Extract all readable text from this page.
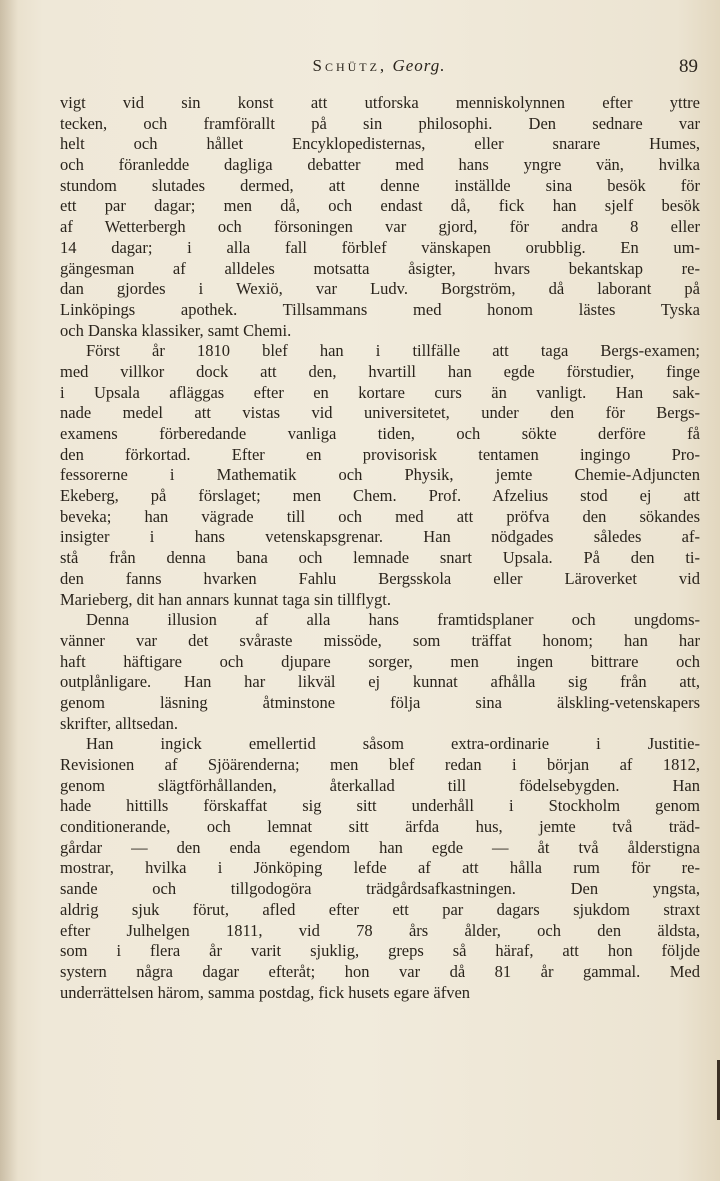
Schütz, Georg.	89
vigt vid sin konst att utforska menniskolynnen efter yttre
tecken, och framförallt på sin philosophi. Den sednare var
helt och hållet Encyklopedisternas, eller snarare Humes,
och föranledde dagliga debatter med hans yngre vän, hvilka
stundom slutades dermed, att denne inställde sina besök för
ett par dagar; men då, och endast då, fick han sjelf besök
af Wetterbergh och försoningen var gjord, för andra 8 eller
14 dagar; i alla fall förblef vänskapen orubblig. En um-
gängesman af alldeles motsatta åsigter, hvars bekantskap re-
dan gjordes i Wexiö, var Ludv. Borgström, då laborant på
Linköpings apothek. Tillsammans med honom lästes Tyska
och Danska klassiker, samt Chemi.
Först år 1810 blef han i tillfälle att taga Bergs-examen;
med villkor dock att den, hvartill han egde förstudier, finge
i Upsala afläggas efter en kortare curs än vanligt. Han sak-
nade medel att vistas vid universitetet, under den för Bergs-
examens förberedande vanliga tiden, och sökte derföre få
den förkortad. Efter en provisorisk tentamen ingingo Pro-
fessorerne i Mathematik och Physik, jemte Chemie-Adjuncten
Ekeberg, på förslaget; men Chem. Prof. Afzelius stod ej att
beveka; han vägrade till och med att pröfva den sökandes
insigter i hans vetenskapsgrenar. Han nödgades således af-
stå från denna bana och lemnade snart Upsala. På den ti-
den fanns hvarken Fahlu Bergsskola eller Läroverket vid
Marieberg, dit han annars kunnat taga sin tillflygt.
Denna illusion af alla hans framtidsplaner och ungdoms-
vänner var det svåraste missöde, som träffat honom; han har
haft häftigare och djupare sorger, men ingen bittrare och
outplånligare. Han har likväl ej kunnat afhålla sig från att,
genom läsning åtminstone följa sina älskling-vetenskapers
skrifter, alltsedan.
Han ingick emellertid såsom extra-ordinarie i Justitie-
Revisionen af Sjöärenderna; men blef redan i början af 1812,
genom slägtförhållanden, återkallad till födelsebygden. Han
hade hittills förskaffat sig sitt underhåll i Stockholm genom
conditionerande, och lemnat sitt ärfda hus, jemte två träd-
gårdar — den enda egendom han egde — åt två ålderstigna
mostrar, hvilka i Jönköping lefde af att hålla rum för re-
sande och tillgodogöra trädgårdsafkastningen. Den yngsta,
aldrig sjuk förut, afled efter ett par dagars sjukdom straxt
efter Julhelgen 1811, vid 78 års ålder, och den äldsta,
som i flera år varit sjuklig, greps så häraf, att hon följde
systern några dagar efteråt; hon var då 81 år gammal. Med
underrättelsen härom, samma postdag, fick husets egare äfven
